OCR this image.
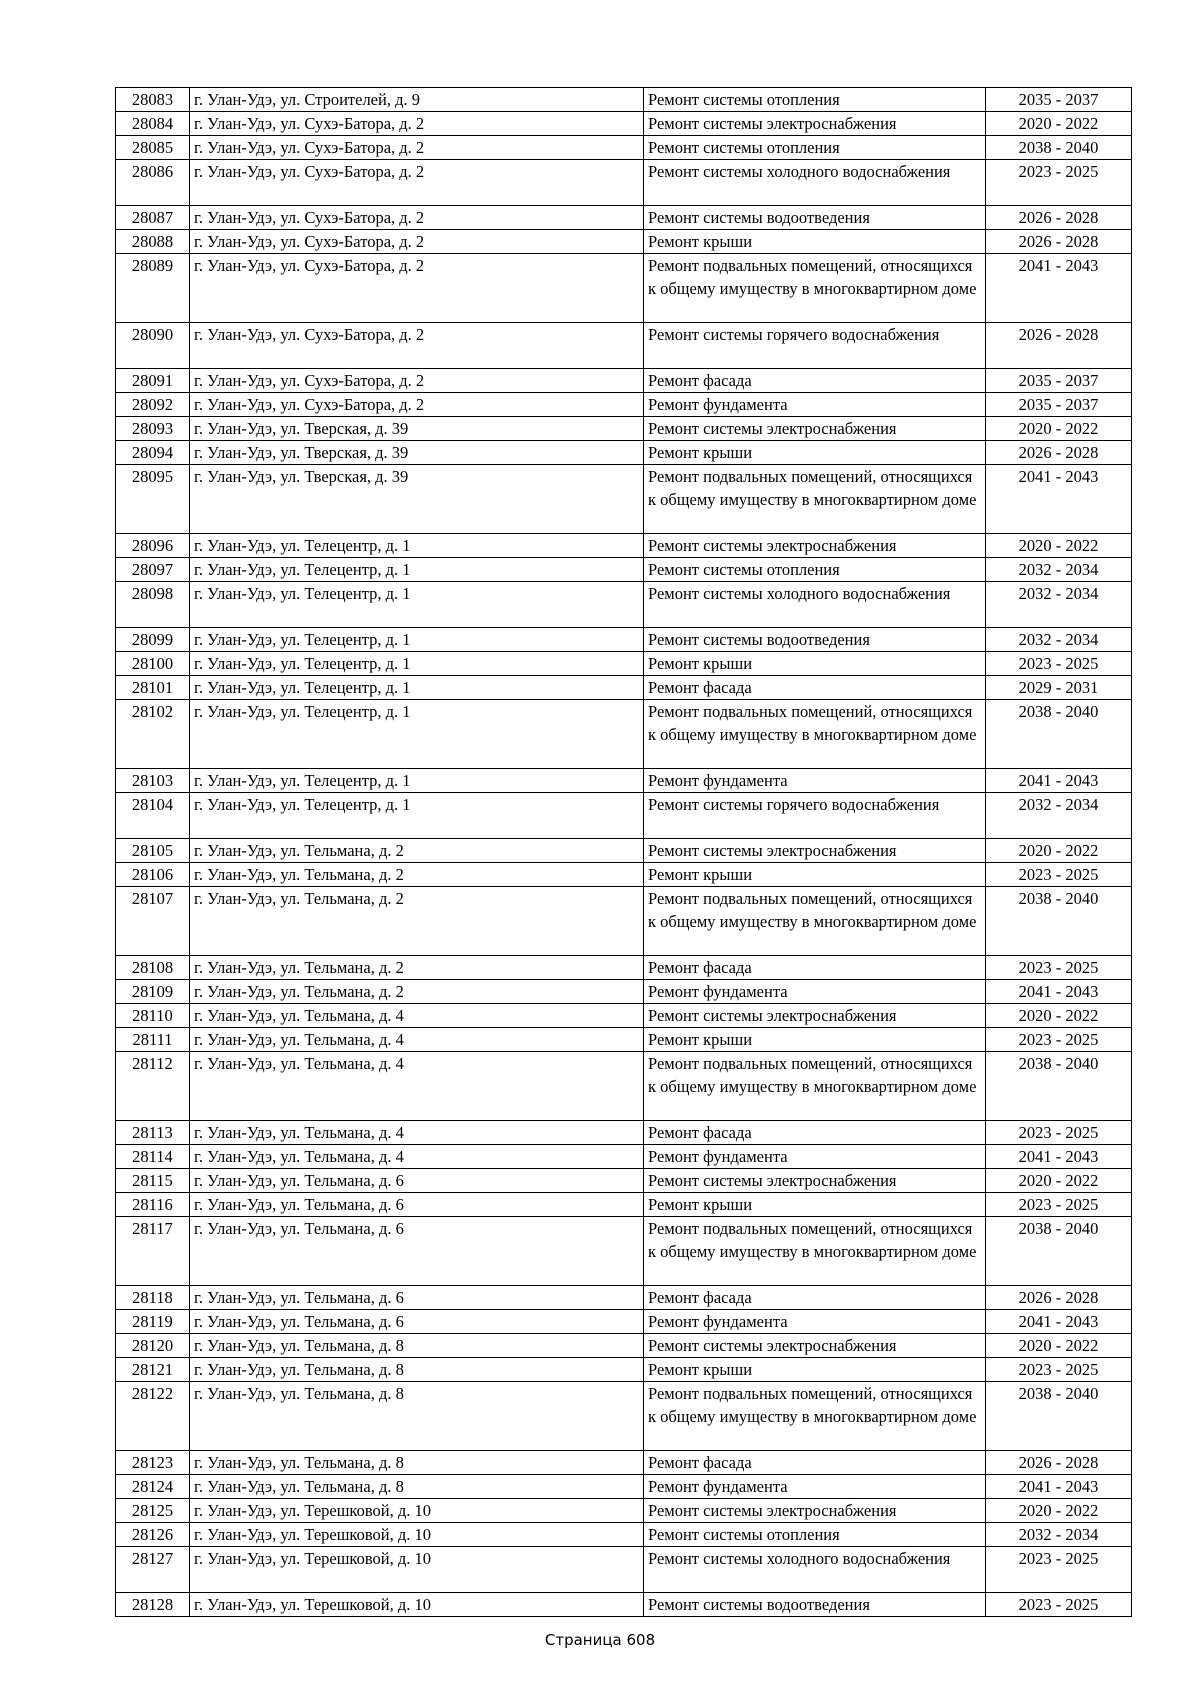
28083	г. Улан-Удэ, ул. Строителей, д. 9	Ремонт системы отопления	2035 - 2037
28084	г. Улан-Удэ, ул. Сухэ-Батора, д. 2	Ремонт системы электроснабжения	2020 - 2022
28085	г. Улан-Удэ, ул. Сухэ-Батора, д. 2	Ремонт системы отопления	2038 - 2040
28086	г. Улан-Удэ, ул. Сухэ-Батора, д. 2	Ремонт системы холодного водоснабжения	2023 - 2025
28087	г. Улан-Удэ, ул. Сухэ-Батора, д. 2	Ремонт системы водоотведения	2026 - 2028
28088	г. Улан-Удэ, ул. Сухэ-Батора, д. 2	Ремонт крыши	2026 - 2028
28089	г. Улан-Удэ, ул. Сухэ-Батора, д. 2	Ремонт подвальных помещений, относящихся к общему имуществу в многоквартирном доме	2041 - 2043
28090	г. Улан-Удэ, ул. Сухэ-Батора, д. 2	Ремонт системы горячего водоснабжения	2026 - 2028
28091	г. Улан-Удэ, ул. Сухэ-Батора, д. 2	Ремонт фасада	2035 - 2037
28092	г. Улан-Удэ, ул. Сухэ-Батора, д. 2	Ремонт фундамента	2035 - 2037
28093	г. Улан-Удэ, ул. Тверская, д. 39	Ремонт системы электроснабжения	2020 - 2022
28094	г. Улан-Удэ, ул. Тверская, д. 39	Ремонт крыши	2026 - 2028
28095	г. Улан-Удэ, ул. Тверская, д. 39	Ремонт подвальных помещений, относящихся к общему имуществу в многоквартирном доме	2041 - 2043
28096	г. Улан-Удэ, ул. Телецентр, д. 1	Ремонт системы электроснабжения	2020 - 2022
28097	г. Улан-Удэ, ул. Телецентр, д. 1	Ремонт системы отопления	2032 - 2034
28098	г. Улан-Удэ, ул. Телецентр, д. 1	Ремонт системы холодного водоснабжения	2032 - 2034
28099	г. Улан-Удэ, ул. Телецентр, д. 1	Ремонт системы водоотведения	2032 - 2034
28100	г. Улан-Удэ, ул. Телецентр, д. 1	Ремонт крыши	2023 - 2025
28101	г. Улан-Удэ, ул. Телецентр, д. 1	Ремонт фасада	2029 - 2031
28102	г. Улан-Удэ, ул. Телецентр, д. 1	Ремонт подвальных помещений, относящихся к общему имуществу в многоквартирном доме	2038 - 2040
28103	г. Улан-Удэ, ул. Телецентр, д. 1	Ремонт фундамента	2041 - 2043
28104	г. Улан-Удэ, ул. Телецентр, д. 1	Ремонт системы горячего водоснабжения	2032 - 2034
28105	г. Улан-Удэ, ул. Тельмана, д. 2	Ремонт системы электроснабжения	2020 - 2022
28106	г. Улан-Удэ, ул. Тельмана, д. 2	Ремонт крыши	2023 - 2025
28107	г. Улан-Удэ, ул. Тельмана, д. 2	Ремонт подвальных помещений, относящихся к общему имуществу в многоквартирном доме	2038 - 2040
28108	г. Улан-Удэ, ул. Тельмана, д. 2	Ремонт фасада	2023 - 2025
28109	г. Улан-Удэ, ул. Тельмана, д. 2	Ремонт фундамента	2041 - 2043
28110	г. Улан-Удэ, ул. Тельмана, д. 4	Ремонт системы электроснабжения	2020 - 2022
28111	г. Улан-Удэ, ул. Тельмана, д. 4	Ремонт крыши	2023 - 2025
28112	г. Улан-Удэ, ул. Тельмана, д. 4	Ремонт подвальных помещений, относящихся к общему имуществу в многоквартирном доме	2038 - 2040
28113	г. Улан-Удэ, ул. Тельмана, д. 4	Ремонт фасада	2023 - 2025
28114	г. Улан-Удэ, ул. Тельмана, д. 4	Ремонт фундамента	2041 - 2043
28115	г. Улан-Удэ, ул. Тельмана, д. 6	Ремонт системы электроснабжения	2020 - 2022
28116	г. Улан-Удэ, ул. Тельмана, д. 6	Ремонт крыши	2023 - 2025
28117	г. Улан-Удэ, ул. Тельмана, д. 6	Ремонт подвальных помещений, относящихся к общему имуществу в многоквартирном доме	2038 - 2040
28118	г. Улан-Удэ, ул. Тельмана, д. 6	Ремонт фасада	2026 - 2028
28119	г. Улан-Удэ, ул. Тельмана, д. 6	Ремонт фундамента	2041 - 2043
28120	г. Улан-Удэ, ул. Тельмана, д. 8	Ремонт системы электроснабжения	2020 - 2022
28121	г. Улан-Удэ, ул. Тельмана, д. 8	Ремонт крыши	2023 - 2025
28122	г. Улан-Удэ, ул. Тельмана, д. 8	Ремонт подвальных помещений, относящихся к общему имуществу в многоквартирном доме	2038 - 2040
28123	г. Улан-Удэ, ул. Тельмана, д. 8	Ремонт фасада	2026 - 2028
28124	г. Улан-Удэ, ул. Тельмана, д. 8	Ремонт фундамента	2041 - 2043
28125	г. Улан-Удэ, ул. Терешковой, д. 10	Ремонт системы электроснабжения	2020 - 2022
28126	г. Улан-Удэ, ул. Терешковой, д. 10	Ремонт системы отопления	2032 - 2034
28127	г. Улан-Удэ, ул. Терешковой, д. 10	Ремонт системы холодного водоснабжения	2023 - 2025
28128	г. Улан-Удэ, ул. Терешковой, д. 10	Ремонт системы водоотведения	2023 - 2025
Страница 608
